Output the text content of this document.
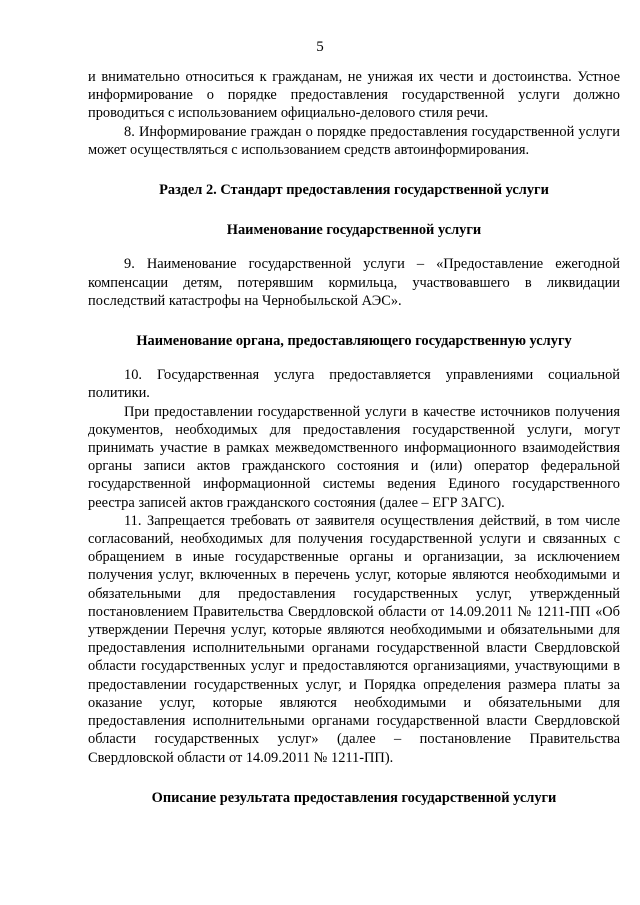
5

и внимательно относиться к гражданам, не унижая их чести и достоинства. Устное информирование о порядке предоставления государственной услуги должно проводиться с использованием официально-делового стиля речи.

8. Информирование граждан о порядке предоставления государственной услуги может осуществляться с использованием средств автоинформирования.

Раздел 2. Стандарт предоставления государственной услуги
Наименование государственной услуги

9. Наименование государственной услуги – «Предоставление ежегодной компенсации детям, потерявшим кормильца, участвовавшего в ликвидации последствий катастрофы на Чернобыльской АЭС».

Наименование органа, предоставляющего государственную услугу

10. Государственная услуга предоставляется управлениями социальной политики.

При предоставлении государственной услуги в качестве источников получения документов, необходимых для предоставления государственной услуги, могут принимать участие в рамках межведомственного информационного взаимодействия органы записи актов гражданского состояния и (или) оператор федеральной государственной информационной системы ведения Единого государственного реестра записей актов гражданского состояния (далее – ЕГР ЗАГС).

11. Запрещается требовать от заявителя осуществления действий, в том числе согласований, необходимых для получения государственной услуги и связанных с обращением в иные государственные органы и организации, за исключением получения услуг, включенных в перечень услуг, которые являются необходимыми и обязательными для предоставления государственных услуг, утвержденный постановлением Правительства Свердловской области от 14.09.2011 № 1211-ПП «Об утверждении Перечня услуг, которые являются необходимыми и обязательными для предоставления исполнительными органами государственной власти Свердловской области государственных услуг и предоставляются организациями, участвующими в предоставлении государственных услуг, и Порядка определения размера платы за оказание услуг, которые являются необходимыми и обязательными для предоставления исполнительными органами государственной власти Свердловской области государственных услуг» (далее – постановление Правительства Свердловской области от 14.09.2011 № 1211-ПП).

Описание результата предоставления государственной услуги
